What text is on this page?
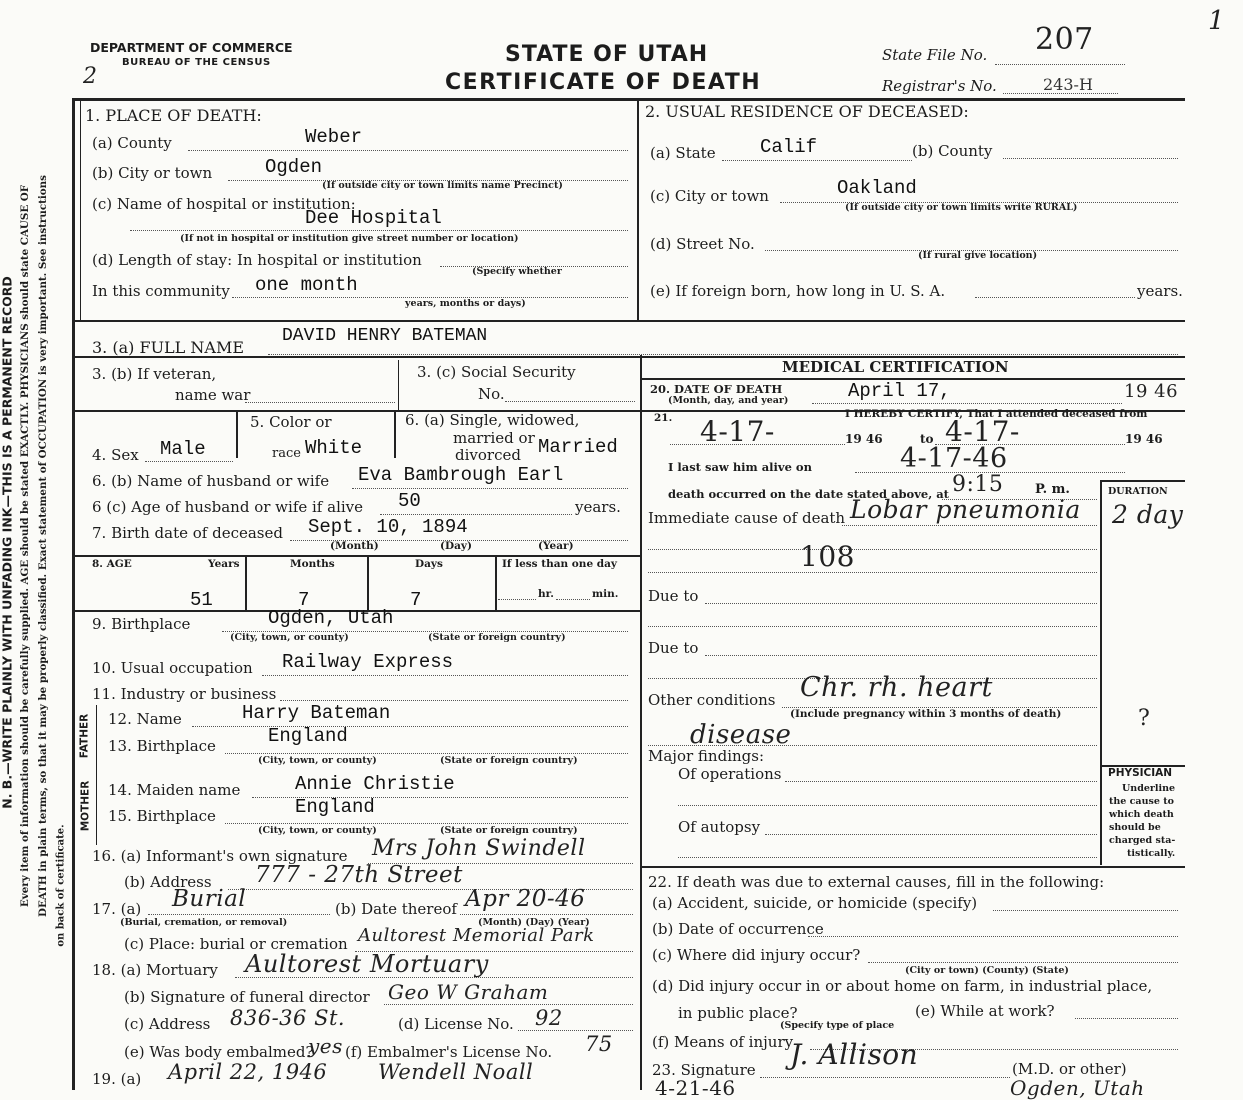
1
2
N. B.—WRITE PLAINLY WITH UNFADING INK—THIS IS A PERMANENT RECORD Every item of information should be carefully supplied. AGE should be stated EXACTLY. PHYSICIANS should state CAUSE OF DEATH in plain terms, so that it may be properly classified. Exact statement of OCCUPATION is very important. See instructions on back of certificate.
DEPARTMENT OF COMMERCE
BUREAU OF THE CENSUS	STATE OF UTAH
CERTIFICATE OF DEATH
State File No. 207
Registrar's No.	243-H
1. PLACE OF DEATH:
(a) County	Weber
(b) City or town	Ogden
(If outside city or town limits name Precinct)
(c) Name of hospital or institution:
Dee Hospital
(If not in hospital or institution give street number or location)
(d) Length of stay: In hospital or institution
(Specify whether
In this community one month
years, months or days)
2. USUAL RESIDENCE OF DECEASED:
(a) State Calif	(b) County
(c) City or town	Oakland
(If outside city or town limits write RURAL)
(d) Street No.
(If rural give location)
(e) If foreign born, how long in U. S. A.	years.
3. (a) FULL NAME
DAVID HENRY BATEMAN
3. (b) If veteran,
name war
3. (c) Social Security
No.
4. Sex Male
5. Color or
race White
6. (a) Single, widowed,
married or
divorced Married
6. (b) Name of husband or wife Eva Bambrough Earl
6 (c) Age of husband or wife if alive 50	years.
7. Birth date of deceased Sept. 10, 1894
(Month)	(Day)	(Year)
8. AGE	Years	Months	Days	If less than one day
51	7	7	hr.	min.
9. Birthplace	Ogden, Utah
(City, town, or county)	(State or foreign country)
10. Usual occupation Railway Express
11. Industry or business
FATHER 12. Name	Harry Bateman
13. Birthplace	England
(City, town, or county)	(State or foreign country)
MOTHER 14. Maiden name	Annie Christie
15. Birthplace	England
(City, town, or county)	(State or foreign country)
16. (a) Informant's own signature Mrs John Swindell
(b) Address 777 - 27th Street
17. (a) Burial	(b) Date thereof Apr 20-46
(Burial, cremation, or removal)	(Month) (Day) (Year)
(c) Place: burial or cremation Aultorest Memorial Park
18. (a) Mortuary Aultorest Mortuary
(b) Signature of funeral director Geo W Graham
(c) Address 836-36 St.	(d) License No. 92
(e) Was body embalmed?
yes (f) Embalmer's License No. 75
19. (a) April 22, 1946 Wendell Noall
MEDICAL CERTIFICATION
20. DATE OF DEATH
(Month, day, and year)	April 17,	19 46
21.	I HEREBY CERTIFY, That I attended deceased from
4-17-	19 46	to 4-17-	19 46
I last saw him alive on	4-17-46
death occurred on the date stated above, at 9:15 P. m.	DURATION
Immediate cause of death Lobar pneumonia 2 day
108
Due to
Due to
Other conditions Chr. rh. heart
(Include pregnancy within 3 months of death)	?
disease
Major findings:
Of operations
Of autopsy
PHYSICIAN
Underline
the cause to
which death
should be
charged sta-
tistically.
22. If death was due to external causes, fill in the following:
(a) Accident, suicide, or homicide (specify)
(b) Date of occurrence
(c) Where did injury occur?
(City or town) (County) (State)
(d) Did injury occur in or about home on farm, in industrial place,
in public place?
(Specify type of place
(e) While at work?
(f) Means of injury
23. Signature J. Allison	(M.D. or other)
4-21-46	Ogden, Utah
